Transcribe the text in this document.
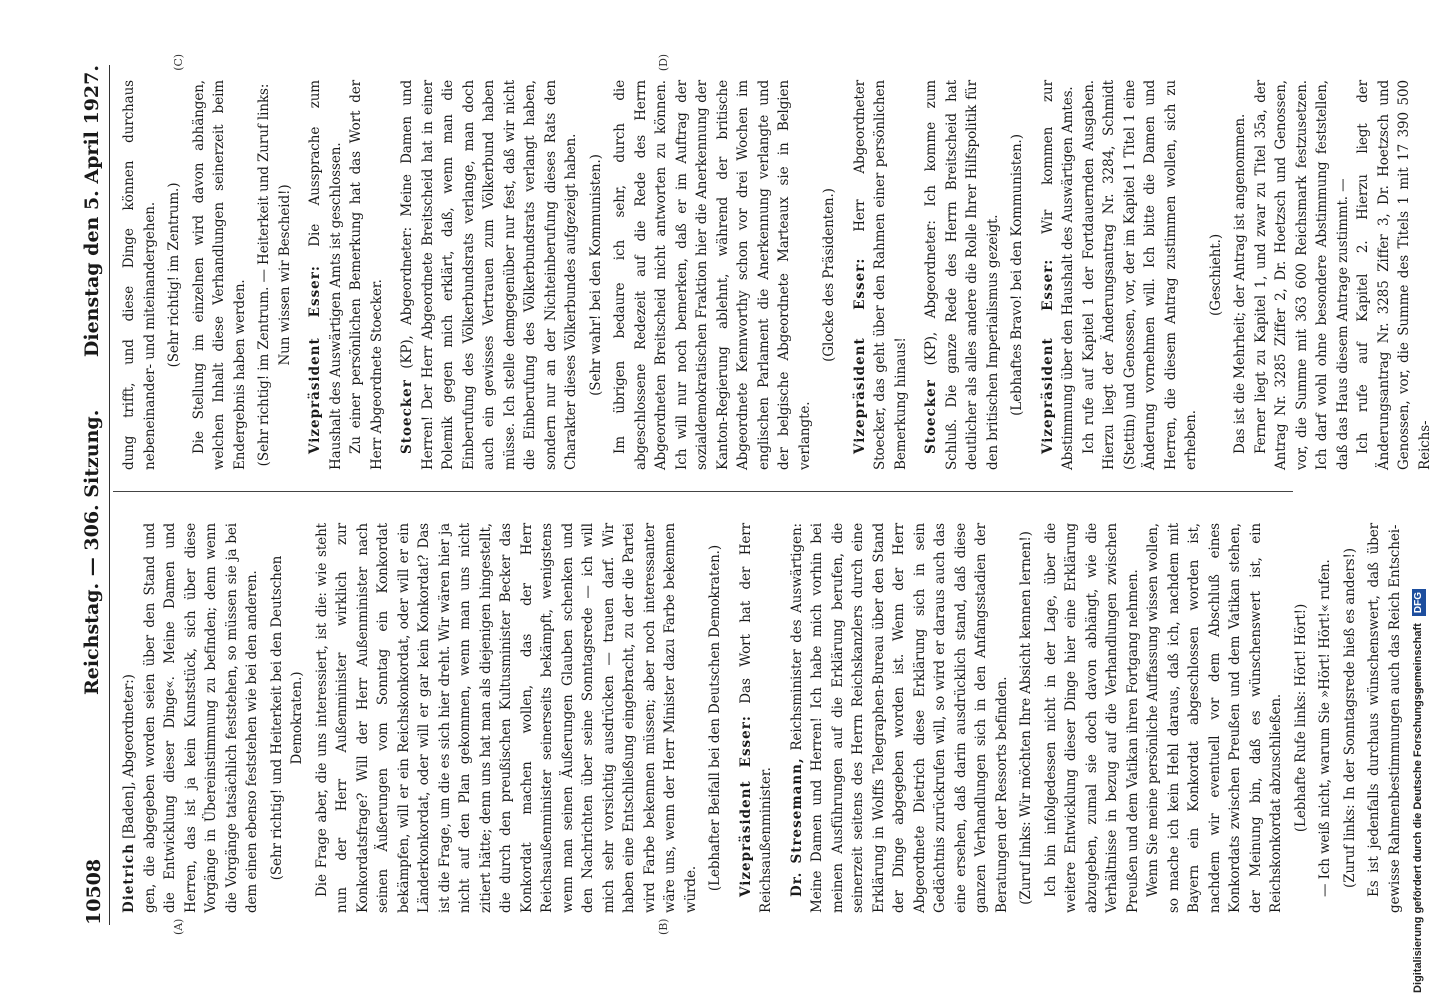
10508
Reichstag. — 306. Sitzung.
Dienstag den 5. April 1927.
(A)	(B)

Dietrich [Baden], Abgeordneter:) gen, die abgegeben worden seien über den Stand und die Entwicklung dieser Dinge«. Meine Damen und Herren, das ist ja kein Kunststück, sich über diese Vorgänge in Übereinstimmung zu befinden; denn wenn die Vorgänge tatsächlich feststehen, so müssen sie ja bei dem einen ebenso feststehen wie bei den anderen. (Sehr richtig! und Heiterkeit bei den Deutschen Demokraten.) Die Frage aber, die uns interessiert, ist die: wie steht nun der Herr Außenminister wirklich zur Konkordatsfrage? Will der Herr Außenminister nach seinen Äußerungen vom Sonntag ein Konkordat bekämpfen, will er ein Reichskonkordat, oder will er ein Länderkonkordat, oder will er gar kein Konkordat? Das ist die Frage, um die es sich hier dreht. Wir wären hier ja nicht auf den Plan gekommen, wenn man uns nicht zitiert hätte; denn uns hat man als diejenigen hingestellt, die durch den preußischen Kultusminister Becker das Konkordat machen wollen, das der Herr Reichsaußenminister seinerseits bekämpft, wenigstens wenn man seinen Äußerungen Glauben schenken und den Nachrichten über seine Sonntagsrede — ich will mich sehr vorsichtig ausdrücken — trauen darf. Wir haben eine Entschließung eingebracht, zu der die Partei wird Farbe bekennen müssen; aber noch interessanter wäre uns, wenn der Herr Minister dazu Farbe bekennen würde. (Lebhafter Beifall bei den Deutschen Demokraten.) Vizepräsident Esser: Das Wort hat der Herr Reichsaußenminister. Dr. Stresemann, Reichsminister des Auswärtigen: Meine Damen und Herren! Ich habe mich vorhin bei meinen Ausführungen auf die Erklärung berufen, die seinerzeit seitens des Herrn Reichskanzlers durch eine Erklärung in Wolffs Telegraphen-Bureau über den Stand der Dinge abgegeben worden ist. Wenn der Herr Abgeordnete Dietrich diese Erklärung sich in sein Gedächtnis zurückrufen will, so wird er daraus auch das eine ersehen, daß darin ausdrücklich stand, daß diese ganzen Verhandlungen sich in den Anfangsstadien der Beratungen der Ressorts befinden. (Zuruf links: Wir möchten Ihre Absicht kennen lernen!) Ich bin infolgedessen nicht in der Lage, über die weitere Entwicklung dieser Dinge hier eine Erklärung abzugeben, zumal sie doch davon abhängt, wie die Verhältnisse in bezug auf die Verhandlungen zwischen Preußen und dem Vatikan ihren Fortgang nehmen. Wenn Sie meine persönliche Auffassung wissen wollen, so mache ich kein Hehl daraus, daß ich, nachdem mit Bayern ein Konkordat abgeschlossen worden ist, nachdem wir eventuell vor dem Abschluß eines Konkordats zwischen Preußen und dem Vatikan stehen, der Meinung bin, daß es wünschenswert ist, ein Reichskonkordat abzuschließen. (Lebhafte Rufe links: Hört! Hört!) — Ich weiß nicht, warum Sie »Hört! Hört!« rufen. (Zuruf links: In der Sonntagsrede hieß es anders!) Es ist jedenfalls durchaus wünschenswert, daß über gewisse Rahmenbestimmungen auch das Reich Entschei-

(C)	(D)

dung trifft, und diese Dinge können durchaus nebeneinander- und miteinandergehen. (Sehr richtig! im Zentrum.) Die Stellung im einzelnen wird davon abhängen, welchen Inhalt diese Verhandlungen seinerzeit beim Endergebnis haben werden. (Sehr richtig! im Zentrum. — Heiterkeit und Zuruf links: Nun wissen wir Bescheid!) Vizepräsident Esser: Die Aussprache zum Haushalt des Auswärtigen Amts ist geschlossen. Zu einer persönlichen Bemerkung hat das Wort der Herr Abgeordnete Stoecker. Stoecker (KP), Abgeordneter: Meine Damen und Herren! Der Herr Abgeordnete Breitscheid hat in einer Polemik gegen mich erklärt, daß, wenn man die Einberufung des Völkerbundsrats verlange, man doch auch ein gewisses Vertrauen zum Völkerbund haben müsse. Ich stelle demgegenüber nur fest, daß wir nicht die Einberufung des Völkerbundsrats verlangt haben, sondern nur an der Nichteinberufung dieses Rats den Charakter dieses Völkerbundes aufgezeigt haben. (Sehr wahr! bei den Kommunisten.) Im übrigen bedaure ich sehr, durch die abgeschlossene Redezeit auf die Rede des Herrn Abgeordneten Breitscheid nicht antworten zu können. Ich will nur noch bemerken, daß er im Auftrag der sozialdemokratischen Fraktion hier die Anerkennung der Kanton-Regierung ablehnt, während der britische Abgeordnete Kennworthy schon vor drei Wochen im englischen Parlament die Anerkennung verlangte und der belgische Abgeordnete Marteaux sie in Belgien verlangte.

(Glocke des Präsidenten.) Vizepräsident Esser: Herr Abgeordneter Stoecker, das geht über den Rahmen einer persönlichen Bemerkung hinaus! Stoecker (KP), Abgeordneter: Ich komme zum Schluß. Die ganze Rede des Herrn Breitscheid hat deutlicher als alles andere die Rolle Ihrer Hilfspolitik für den britischen Imperialismus gezeigt. (Lebhaftes Bravo! bei den Kommunisten.) Vizepräsident Esser: Wir kommen zur Abstimmung über den Haushalt des Auswärtigen Amtes. Ich rufe auf Kapitel 1 der Fortdauernden Ausgaben. Hierzu liegt der Änderungsantrag Nr. 3284, Schmidt (Stettin) und Genossen, vor, der im Kapitel 1 Titel 1 eine Änderung vornehmen will. Ich bitte die Damen und Herren, die diesem Antrag zustimmen wollen, sich zu erheben.

(Geschieht.) Das ist die Mehrheit; der Antrag ist angenommen. Ferner liegt zu Kapitel 1, und zwar zu Titel 35a, der Antrag Nr. 3285 Ziffer 2, Dr. Hoetzsch und Genossen, vor, die Summe mit 363 600 Reichsmark festzusetzen. Ich darf wohl ohne besondere Abstimmung feststellen, daß das Haus diesem Antrage zustimmt. — Ich rufe auf Kapitel 2. Hierzu liegt der Änderungsantrag Nr. 3285 Ziffer 3, Dr. Hoetzsch und Genossen, vor, die Summe des Titels 1 mit 17 390 500 Reichs-

Digitalisierung gefördert durch die Deutsche Forschungsgemeinschaft DFG
